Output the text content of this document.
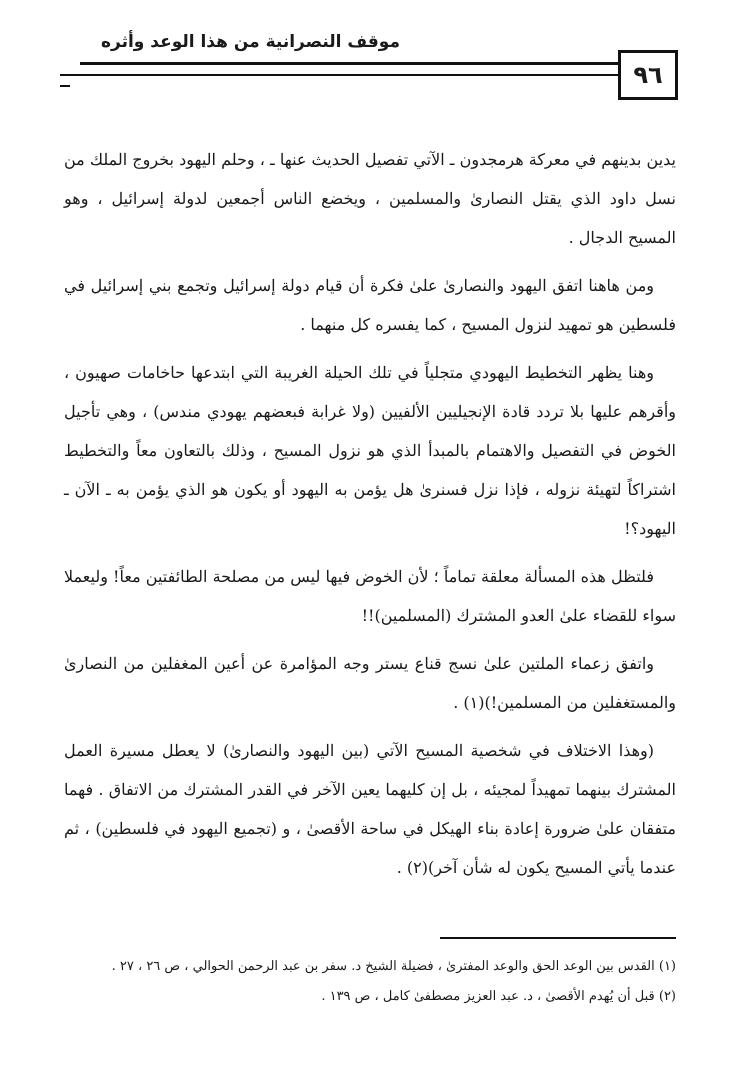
موقف النصرانية من هذا الوعد وأثره
٩٦

يدين بدينهم في معركة هرمجدون ـ الآتي تفصيل الحديث عنها ـ ، وحلم اليهود بخروج الملك من نسل داود الذي يقتل النصارىٰ والمسلمين ، ويخضع الناس أجمعين لدولة إسرائيل ، وهو المسيح الدجال .

ومن هاهنا اتفق اليهود والنصارىٰ علىٰ فكرة أن قيام دولة إسرائيل وتجمع بني إسرائيل في فلسطين هو تمهيد لنزول المسيح ، كما يفسره كل منهما .

وهنا يظهر التخطيط اليهودي متجلياً في تلك الحيلة الغريبة التي ابتدعها حاخامات صهيون ، وأقرهم عليها بلا تردد قادة الإنجيليين الألفيين (ولا غرابة فبعضهم يهودي مندس) ، وهي تأجيل الخوض في التفصيل والاهتمام بالمبدأ الذي هو نزول المسيح ، وذلك بالتعاون معاً والتخطيط اشتراكاً لتهيئة نزوله ، فإذا نزل فسنرىٰ هل يؤمن به اليهود أو يكون هو الذي يؤمن به ـ الآن ـ اليهود؟!

فلتظل هذه المسألة معلقة تماماً ؛ لأن الخوض فيها ليس من مصلحة الطائفتين معاً! وليعملا سواء للقضاء علىٰ العدو المشترك (المسلمين)!!

واتفق زعماء الملتين علىٰ نسج قناع يستر وجه المؤامرة عن أعين المغفلين من النصارىٰ والمستغفلين من المسلمين!)(١) .

(وهذا الاختلاف في شخصية المسيح الآتي (بين اليهود والنصارىٰ) لا يعطل مسيرة العمل المشترك بينهما تمهيداً لمجيئه ، بل إن كليهما يعين الآخر في القدر المشترك من الاتفاق . فهما متفقان علىٰ ضرورة إعادة بناء الهيكل في ساحة الأقصىٰ ، و (تجميع اليهود في فلسطين) ، ثم عندما يأتي المسيح يكون له شأن آخر)(٢) .

(١) القدس بين الوعد الحق والوعد المفترىٰ ، فضيلة الشيخ د. سفر بن عبد الرحمن الحوالي ، ص ٢٦ ، ٢٧ .

(٢) قبل أن يُهدم الأقصىٰ ، د. عبد العزيز مصطفىٰ كامل ، ص ١٣٩ .
